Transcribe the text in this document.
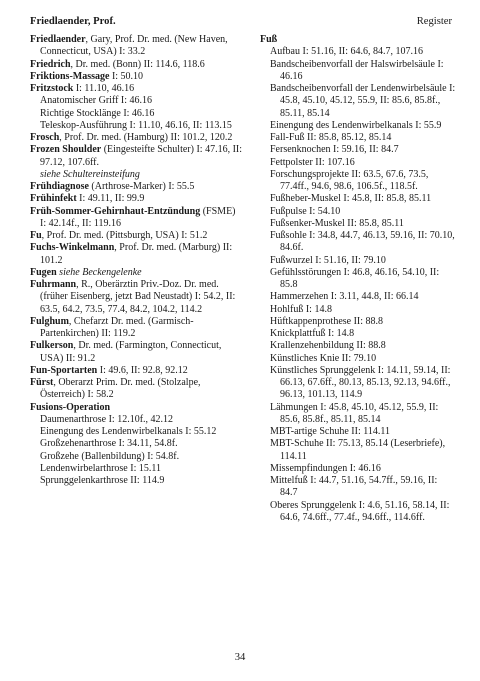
Friedlaender, Prof.	Register
Friedlaender, Gary, Prof. Dr. med. (New Haven, Connecticut, USA) I: 33.2
Friedrich, Dr. med. (Bonn) II: 114.6, 118.6
Friktions-Massage I: 50.10
Fritzstock I: 11.10, 46.16
Anatomischer Griff I: 46.16
Richtige Stocklänge I: 46.16
Teleskop-Ausführung I: 11.10, 46.16, II: 113.15
Frosch, Prof. Dr. med. (Hamburg) II: 101.2, 120.2
Frozen Shoulder (Eingesteifte Schulter) I: 47.16, II: 97.12, 107.6ff.
siehe Schultereinsteifung
Frühdiagnose (Arthrose-Marker) I: 55.5
Frühinfekt I: 49.11, II: 99.9
Früh-Sommer-Gehirnhaut-Entzündung (FSME) I: 42.14f., II: 119.16
Fu, Prof. Dr. med. (Pittsburgh, USA) I: 51.2
Fuchs-Winkelmann, Prof. Dr. med. (Marburg) II: 101.2
Fugen siehe Beckengelenke
Fuhrmann, R., Oberärztin Priv.-Doz. Dr. med. (früher Eisenberg, jetzt Bad Neustadt) I: 54.2, II: 63.5, 64.2, 73.5, 77.4, 84.2, 104.2, 114.2
Fulghum, Chefarzt Dr. med. (Garmisch-Partenkirchen) II: 119.2
Fulkerson, Dr. med. (Farmington, Connecticut, USA) II: 91.2
Fun-Sportarten I: 49.6, II: 92.8, 92.12
Fürst, Oberarzt Prim. Dr. med. (Stolzalpe, Österreich) I: 58.2
Fusions-Operation
Daumenarthrose I: 12.10f., 42.12
Einengung des Lendenwirbelkanals I: 55.12
Großzehenarthrose I: 34.11, 54.8f.
Großzehe (Ballenbildung) I: 54.8f.
Lendenwirbelarthrose I: 15.11
Sprunggelenkarthrose II: 114.9
Fuß
Aufbau I: 51.16, II: 64.6, 84.7, 107.16
Bandscheibenvorfall der Halswirbelsäule I: 46.16
Bandscheibenvorfall der Lendenwirbelsäule I: 45.8, 45.10, 45.12, 55.9, II: 85.6, 85.8f., 85.11, 85.14
Einengung des Lendenwirbelkanals I: 55.9
Fall-Fuß II: 85.8, 85.12, 85.14
Fersenknochen I: 59.16, II: 84.7
Fettpolster II: 107.16
Forschungsprojekte II: 63.5, 67.6, 73.5, 77.4ff., 94.6, 98.6, 106.5f., 118.5f.
Fußheber-Muskel I: 45.8, II: 85.8, 85.11
Fußpulse I: 54.10
Fußsenker-Muskel II: 85.8, 85.11
Fußsohle I: 34.8, 44.7, 46.13, 59.16, II: 70.10, 84.6f.
Fußwurzel I: 51.16, II: 79.10
Gefühlsstörungen I: 46.8, 46.16, 54.10, II: 85.8
Hammerzehen I: 3.11, 44.8, II: 66.14
Hohlfuß I: 14.8
Hüftkappenprothese II: 88.8
Knickplattfuß I: 14.8
Krallenzehenbildung II: 88.8
Künstliches Knie II: 79.10
Künstliches Sprunggelenk I: 14.11, 59.14, II: 66.13, 67.6ff., 80.13, 85.13, 92.13, 94.6ff., 96.13, 101.13, 114.9
Lähmungen I: 45.8, 45.10, 45.12, 55.9, II: 85.6, 85.8f., 85.11, 85.14
MBT-artige Schuhe II: 114.11
MBT-Schuhe II: 75.13, 85.14 (Leserbriefe), 114.11
Missempfindungen I: 46.16
Mittelfuß I: 44.7, 51.16, 54.7ff., 59.16, II: 84.7
Oberes Sprunggelenk I: 4.6, 51.16, 58.14, II: 64.6, 74.6ff., 77.4f., 94.6ff., 114.6ff.
34
